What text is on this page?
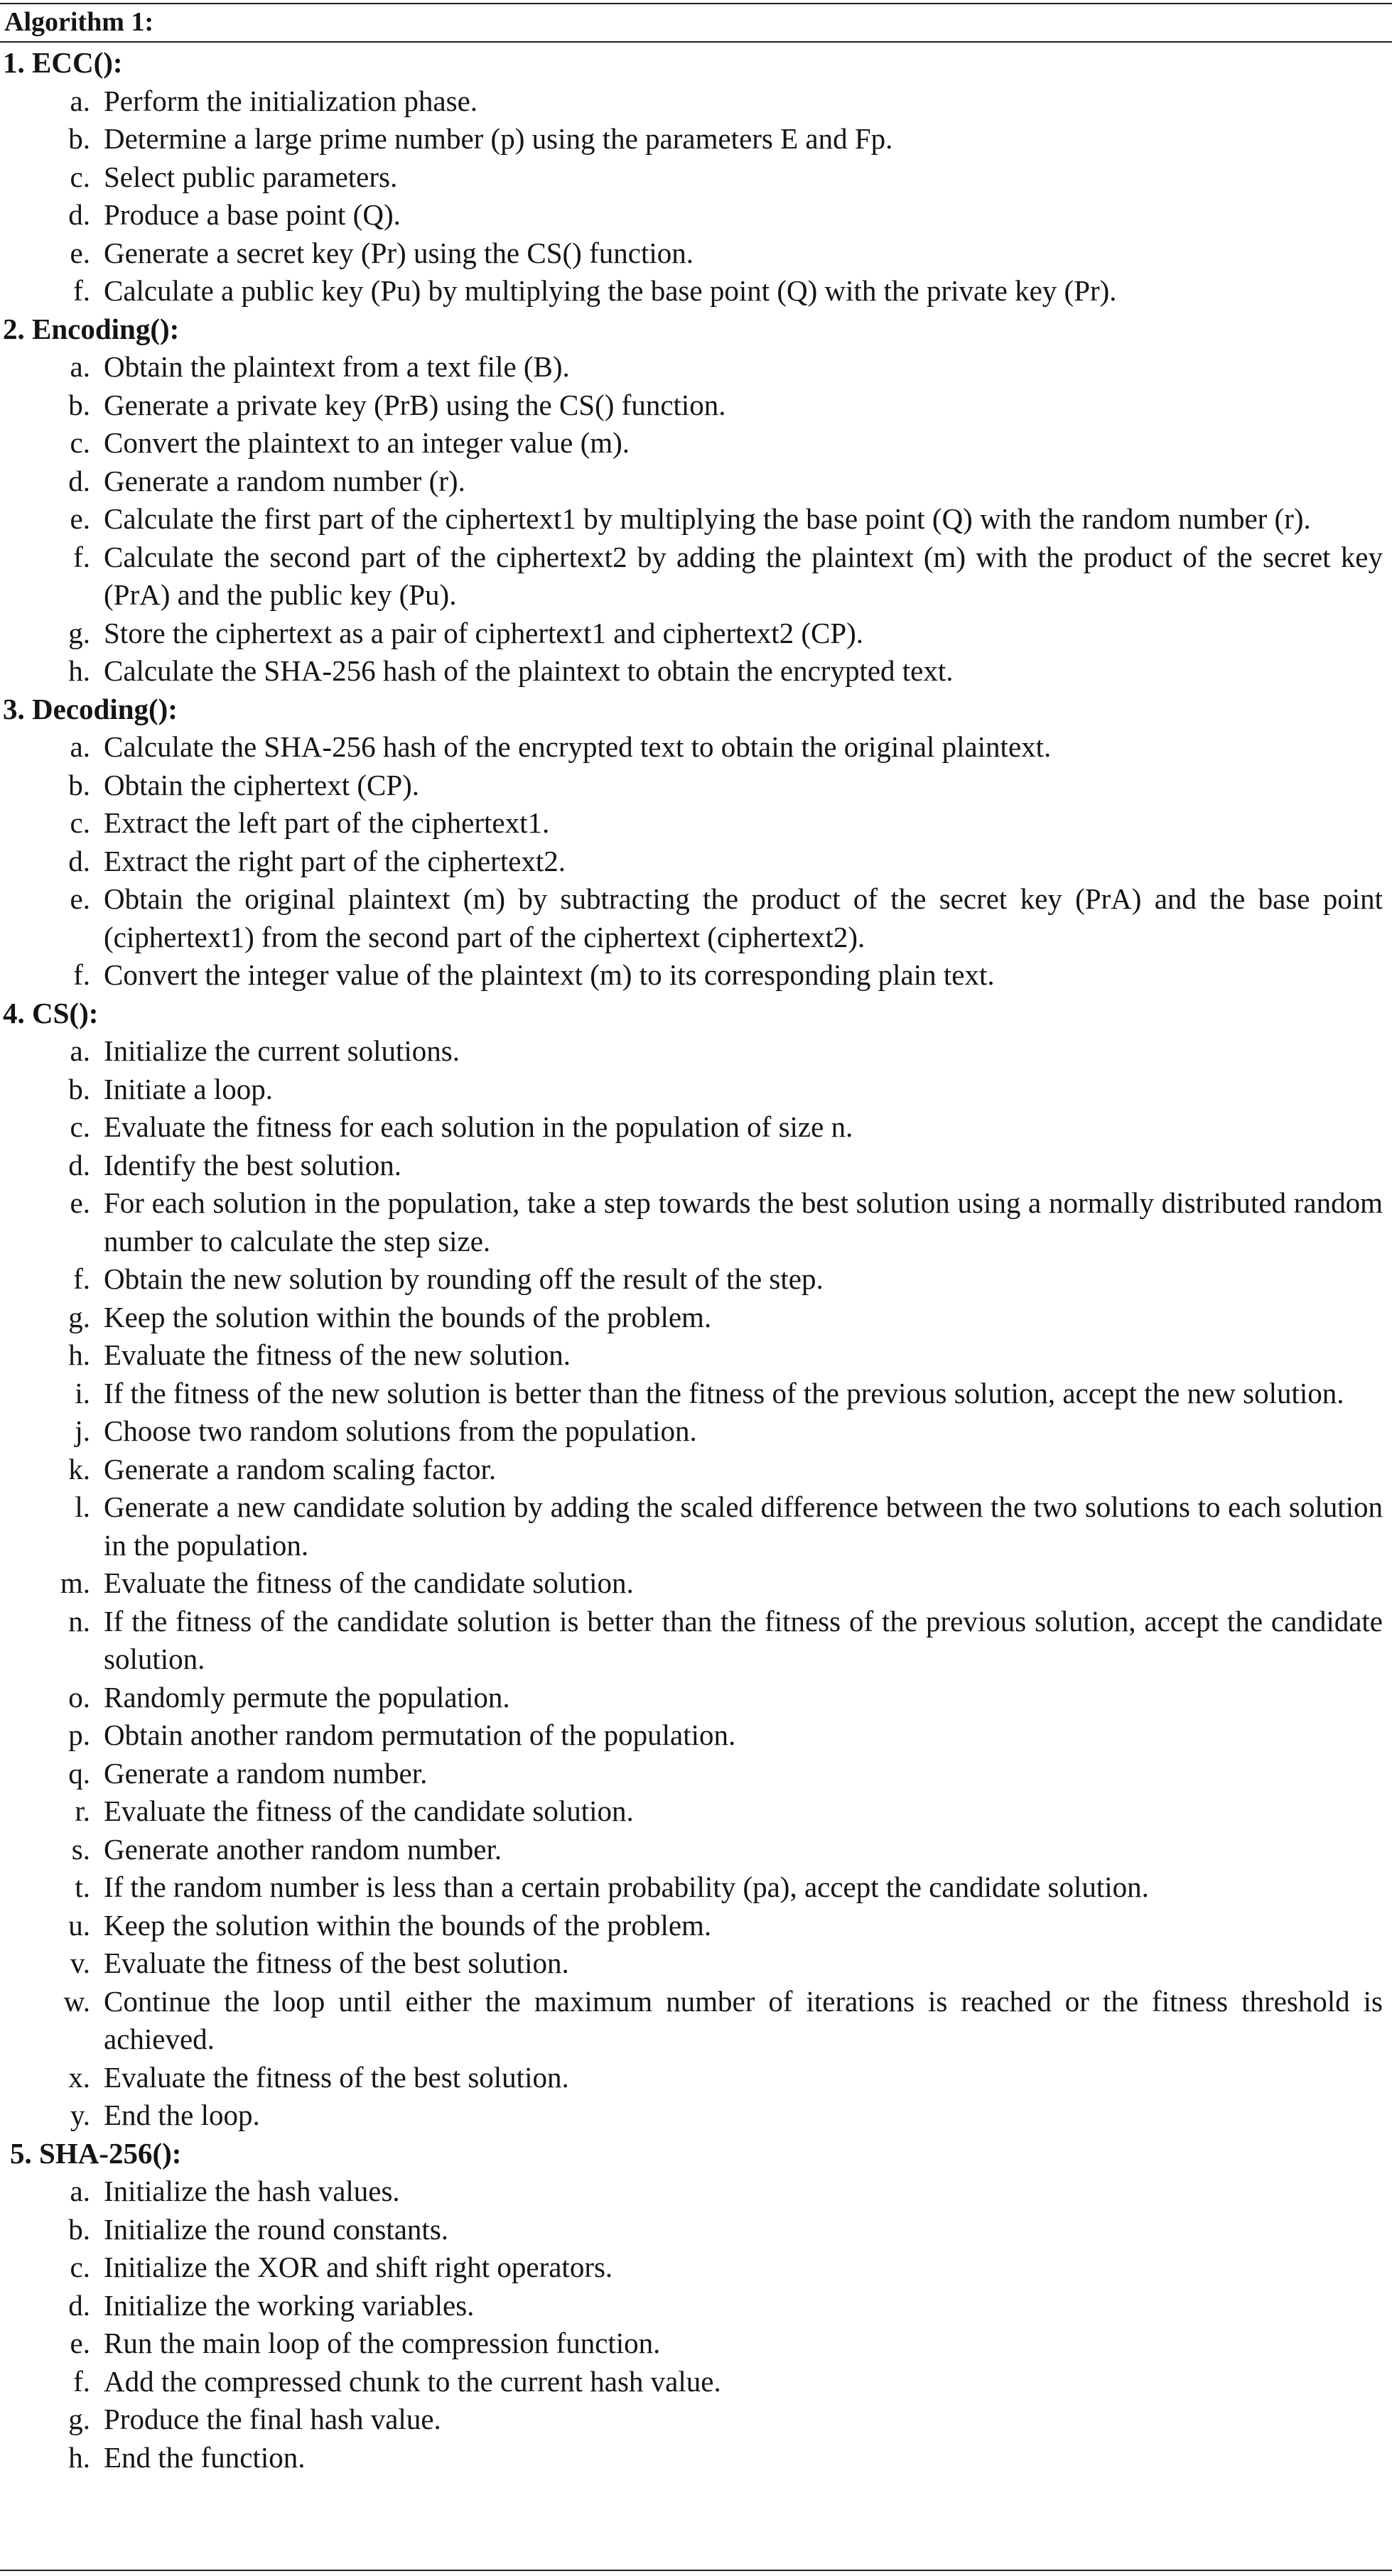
Algorithm 1:
1. ECC():
a. Perform the initialization phase.
b. Determine a large prime number (p) using the parameters E and Fp.
c. Select public parameters.
d. Produce a base point (Q).
e. Generate a secret key (Pr) using the CS() function.
f. Calculate a public key (Pu) by multiplying the base point (Q) with the private key (Pr).
2. Encoding():
a. Obtain the plaintext from a text file (B).
b. Generate a private key (PrB) using the CS() function.
c. Convert the plaintext to an integer value (m).
d. Generate a random number (r).
e. Calculate the first part of the ciphertext1 by multiplying the base point (Q) with the random number (r).
f. Calculate the second part of the ciphertext2 by adding the plaintext (m) with the product of the secret key (PrA) and the public key (Pu).
g. Store the ciphertext as a pair of ciphertext1 and ciphertext2 (CP).
h. Calculate the SHA-256 hash of the plaintext to obtain the encrypted text.
3. Decoding():
a. Calculate the SHA-256 hash of the encrypted text to obtain the original plaintext.
b. Obtain the ciphertext (CP).
c. Extract the left part of the ciphertext1.
d. Extract the right part of the ciphertext2.
e. Obtain the original plaintext (m) by subtracting the product of the secret key (PrA) and the base point (ciphertext1) from the second part of the ciphertext (ciphertext2).
f. Convert the integer value of the plaintext (m) to its corresponding plain text.
4. CS():
a. Initialize the current solutions.
b. Initiate a loop.
c. Evaluate the fitness for each solution in the population of size n.
d. Identify the best solution.
e. For each solution in the population, take a step towards the best solution using a normally distributed random number to calculate the step size.
f. Obtain the new solution by rounding off the result of the step.
g. Keep the solution within the bounds of the problem.
h. Evaluate the fitness of the new solution.
i. If the fitness of the new solution is better than the fitness of the previous solution, accept the new solution.
j. Choose two random solutions from the population.
k. Generate a random scaling factor.
l. Generate a new candidate solution by adding the scaled difference between the two solutions to each solution in the population.
m. Evaluate the fitness of the candidate solution.
n. If the fitness of the candidate solution is better than the fitness of the previous solution, accept the candidate solution.
o. Randomly permute the population.
p. Obtain another random permutation of the population.
q. Generate a random number.
r. Evaluate the fitness of the candidate solution.
s. Generate another random number.
t. If the random number is less than a certain probability (pa), accept the candidate solution.
u. Keep the solution within the bounds of the problem.
v. Evaluate the fitness of the best solution.
w. Continue the loop until either the maximum number of iterations is reached or the fitness threshold is achieved.
x. Evaluate the fitness of the best solution.
y. End the loop.
5. SHA-256():
a. Initialize the hash values.
b. Initialize the round constants.
c. Initialize the XOR and shift right operators.
d. Initialize the working variables.
e. Run the main loop of the compression function.
f. Add the compressed chunk to the current hash value.
g. Produce the final hash value.
h. End the function.
